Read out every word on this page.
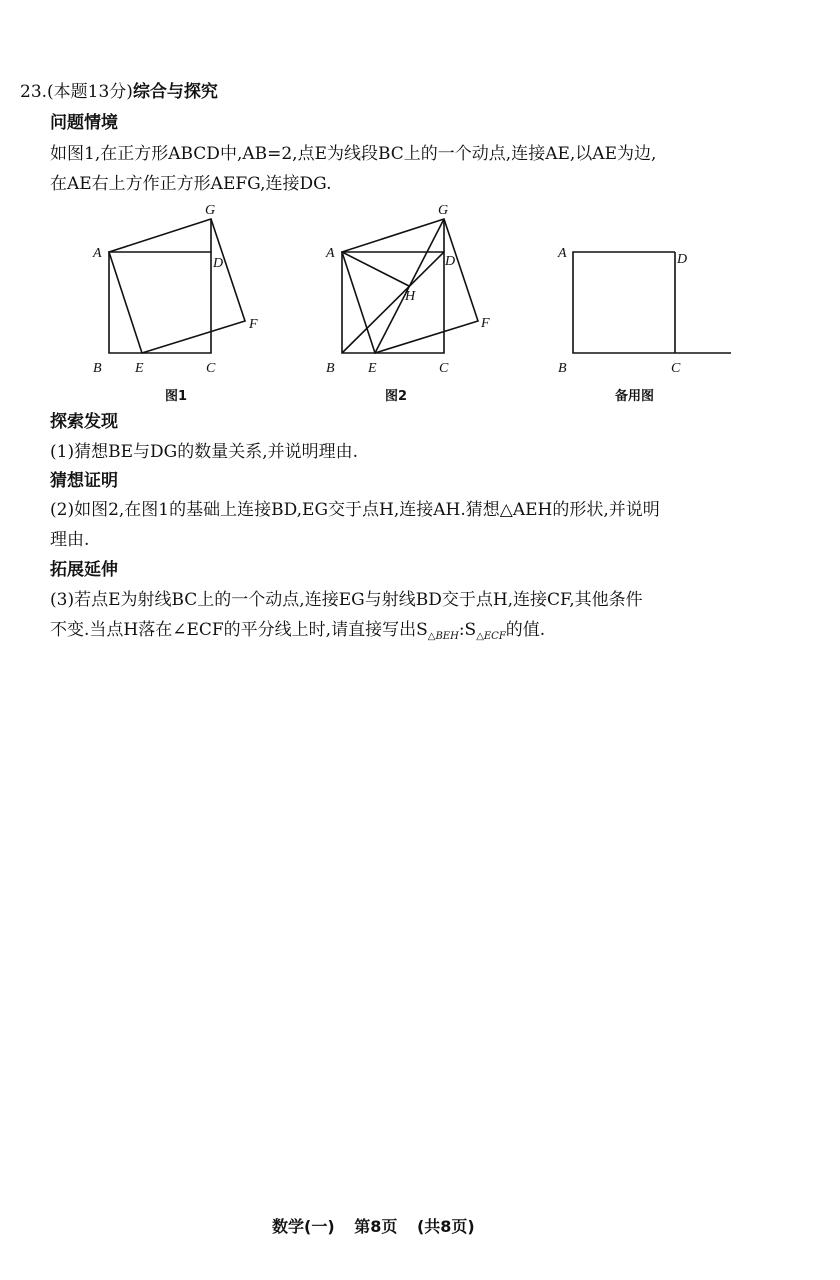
23.(本题13分)综合与探究
问题情境
如图1,在正方形ABCD中,AB=2,点E为线段BC上的一个动点,连接AE,以AE为边,
在AE右上方作正方形AEFG,连接DG.
A
G
D
F
B E	C
图1
A
G
D
H
F
B E	C
图2
A	D
B	C
备用图
探索发现
(1)猜想BE与DG的数量关系,并说明理由.
猜想证明
(2)如图2,在图1的基础上连接BD,EG交于点H,连接AH.猜想△AEH的形状,并说明
理由.
拓展延伸
(3)若点E为射线BC上的一个动点,连接EG与射线BD交于点H,连接CF,其他条件
不变.当点H落在∠ECF的平分线上时,请直接写出$S_{\triangle BEH}:S_{\triangle ECF}$的值.
数学(一) 第8页 (共8页)
